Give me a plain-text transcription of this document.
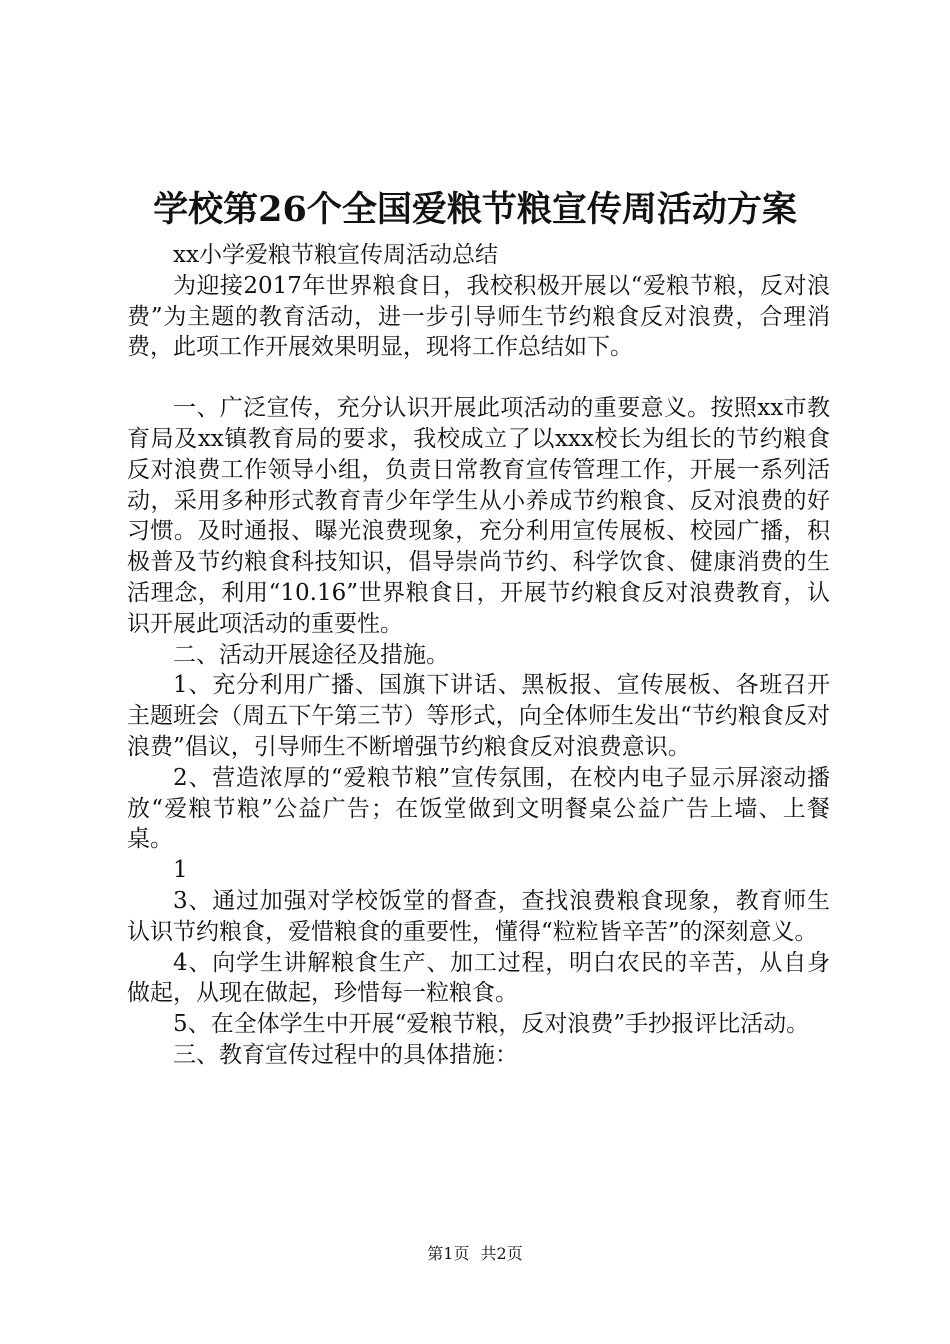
学校第26个全国爱粮节粮宣传周活动方案

xx小学爱粮节粮宣传周活动总结

为迎接2017年世界粮食日，我校积极开展以“爱粮节粮，反对浪费”为主题的教育活动，进一步引导师生节约粮食反对浪费，合理消费，此项工作开展效果明显，现将工作总结如下。

一、广泛宣传，充分认识开展此项活动的重要意义。按照xx市教育局及xx镇教育局的要求，我校成立了以xxx校长为组长的节约粮食反对浪费工作领导小组，负责日常教育宣传管理工作，开展一系列活动，采用多种形式教育青少年学生从小养成节约粮食、反对浪费的好习惯。及时通报、曝光浪费现象，充分利用宣传展板、校园广播，积极普及节约粮食科技知识，倡导崇尚节约、科学饮食、健康消费的生活理念，利用“10.16”世界粮食日，开展节约粮食反对浪费教育，认识开展此项活动的重要性。

二、活动开展途径及措施。

1、充分利用广播、国旗下讲话、黑板报、宣传展板、各班召开主题班会（周五下午第三节）等形式，向全体师生发出“节约粮食反对浪费”倡议，引导师生不断增强节约粮食反对浪费意识。

2、营造浓厚的“爱粮节粮”宣传氛围，在校内电子显示屏滚动播放“爱粮节粮”公益广告；在饭堂做到文明餐桌公益广告上墙、上餐桌。

1

3、通过加强对学校饭堂的督查，查找浪费粮食现象，教育师生认识节约粮食，爱惜粮食的重要性，懂得“粒粒皆辛苦”的深刻意义。

4、向学生讲解粮食生产、加工过程，明白农民的辛苦，从自身做起，从现在做起，珍惜每一粒粮食。

5、在全体学生中开展“爱粮节粮，反对浪费”手抄报评比活动。

三、教育宣传过程中的具体措施：

第1页 共2页
